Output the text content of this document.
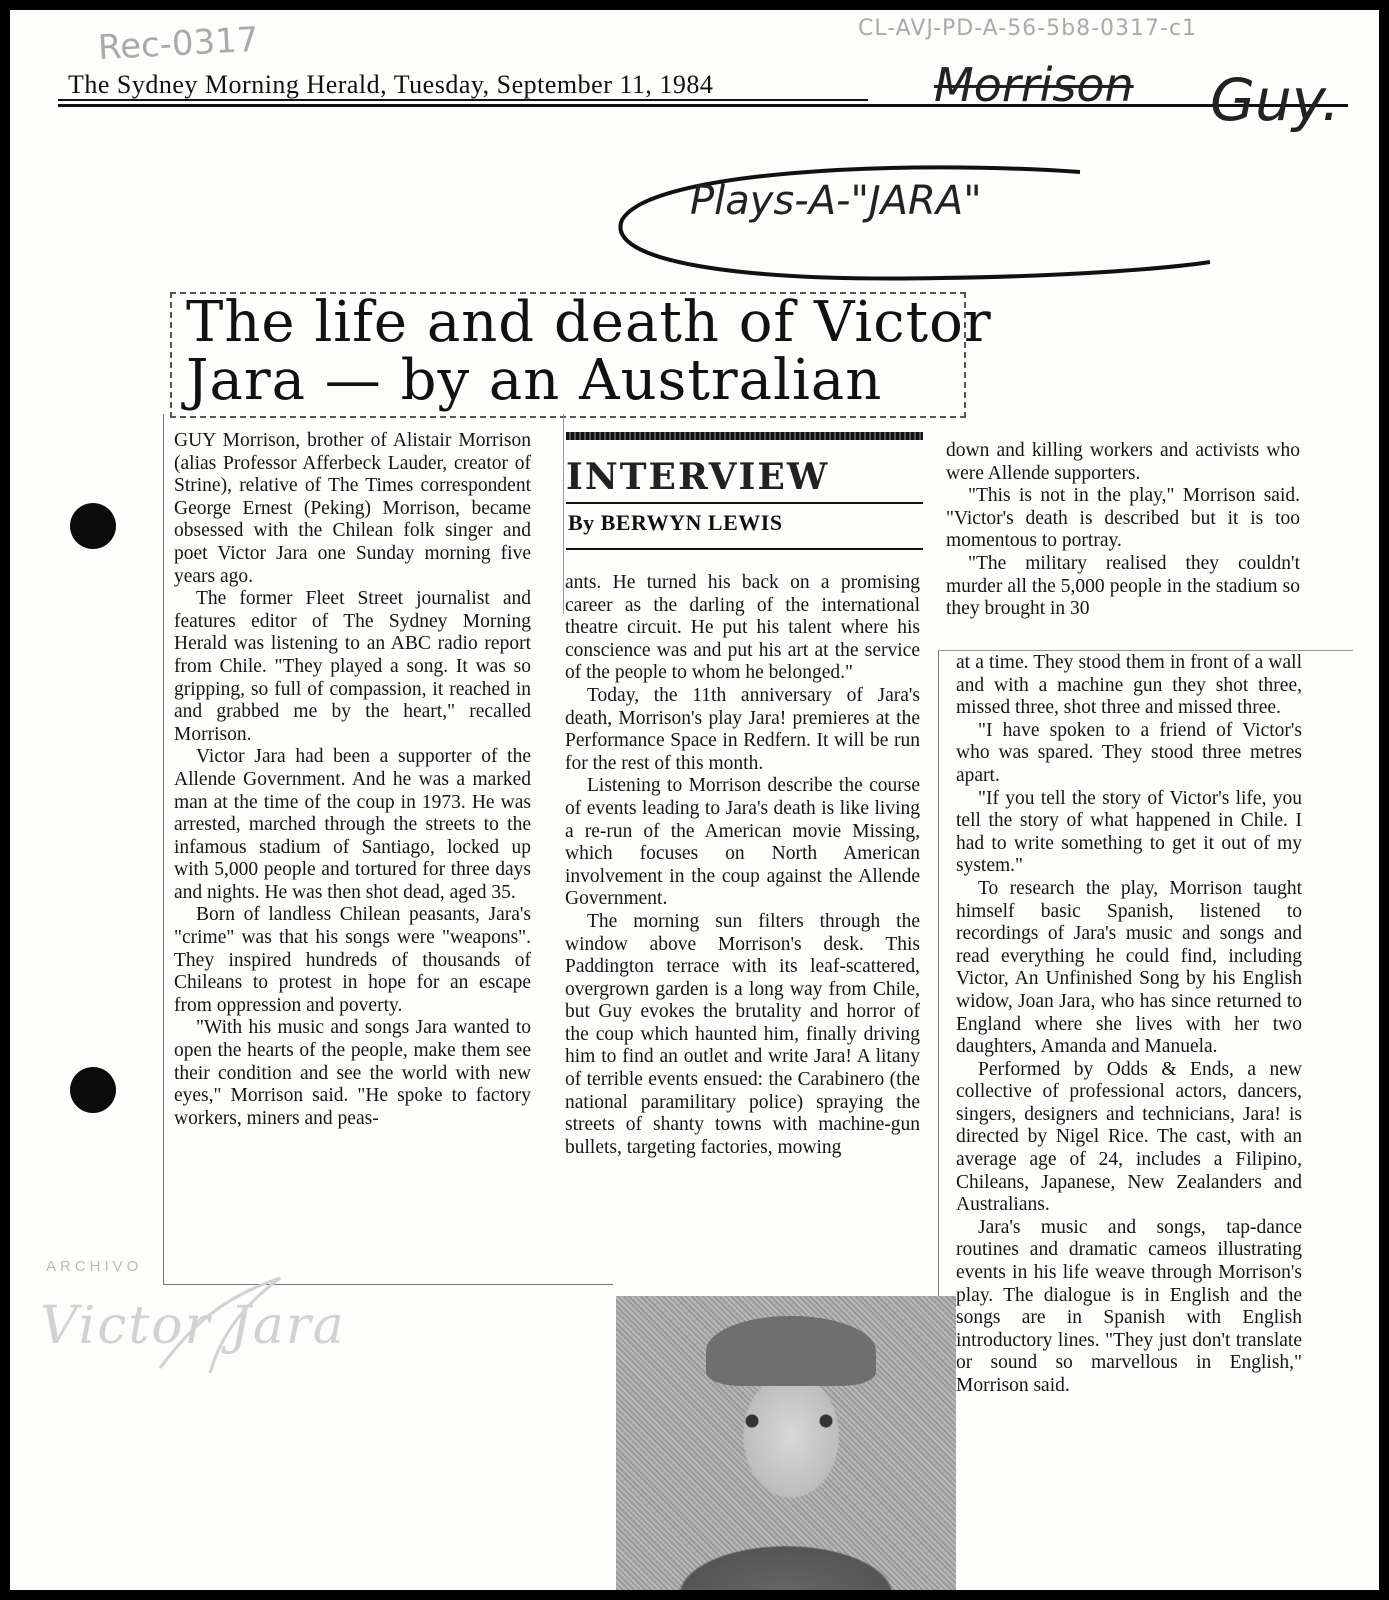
Rec-0317	CL-AVJ-PD-A-56-5b8-0317-c1
The Sydney Morning Herald, Tuesday, September 11, 1984	Morrison Guy.
Plays-A-"JARA"
The life and death of Victor
Jara — by an Australian
INTERVIEW
By BERWYN LEWIS

GUY Morrison, brother of Alistair Morrison (alias Professor Afferbeck Lauder, creator of Strine), relative of The Times correspondent George Ernest (Peking) Morrison, became obsessed with the Chilean folk singer and poet Victor Jara one Sunday morning five years ago.

The former Fleet Street journalist and features editor of The Sydney Morning Herald was listening to an ABC radio report from Chile. "They played a song. It was so gripping, so full of compassion, it reached in and grabbed me by the heart," recalled Morrison.

Victor Jara had been a supporter of the Allende Government. And he was a marked man at the time of the coup in 1973. He was arrested, marched through the streets to the infamous stadium of Santiago, locked up with 5,000 people and tortured for three days and nights. He was then shot dead, aged 35.

Born of landless Chilean peasants, Jara's "crime" was that his songs were "weapons". They inspired hundreds of thousands of Chileans to protest in hope for an escape from oppression and poverty.

"With his music and songs Jara wanted to open the hearts of the people, make them see their condition and see the world with new eyes," Morrison said. "He spoke to factory workers, miners and peas-

ants. He turned his back on a promising career as the darling of the international theatre circuit. He put his talent where his conscience was and put his art at the service of the people to whom he belonged."

Today, the 11th anniversary of Jara's death, Morrison's play Jara! premieres at the Performance Space in Redfern. It will be run for the rest of this month.

Listening to Morrison describe the course of events leading to Jara's death is like living a re-run of the American movie Missing, which focuses on North American involvement in the coup against the Allende Government.

The morning sun filters through the window above Morrison's desk. This Paddington terrace with its leaf-scattered, overgrown garden is a long way from Chile, but Guy evokes the brutality and horror of the coup which haunted him, finally driving him to find an outlet and write Jara! A litany of terrible events ensued: the Carabinero (the national paramilitary police) spraying the streets of shanty towns with machine-gun bullets, targeting factories, mowing

down and killing workers and activists who were Allende supporters.

"This is not in the play," Morrison said. "Victor's death is described but it is too momentous to portray.

"The military realised they couldn't murder all the 5,000 people in the stadium so they brought in 30

at a time. They stood them in front of a wall and with a machine gun they shot three, missed three, shot three and missed three.

"I have spoken to a friend of Victor's who was spared. They stood three metres apart.

"If you tell the story of Victor's life, you tell the story of what happened in Chile. I had to write something to get it out of my system."

To research the play, Morrison taught himself basic Spanish, listened to recordings of Jara's music and songs and read everything he could find, including Victor, An Unfinished Song by his English widow, Joan Jara, who has since returned to England where she lives with her two daughters, Amanda and Manuela.

Performed by Odds & Ends, a new collective of professional actors, dancers, singers, designers and technicians, Jara! is directed by Nigel Rice. The cast, with an average age of 24, includes a Filipino, Chileans, Japanese, New Zealanders and Australians.

Jara's music and songs, tap-dance routines and dramatic cameos illustrating events in his life weave through Morrison's play. The dialogue is in English and the songs are in Spanish with English introductory lines. "They just don't translate or sound so marvellous in English," Morrison said.

ARCHIVO
Victor Jara
